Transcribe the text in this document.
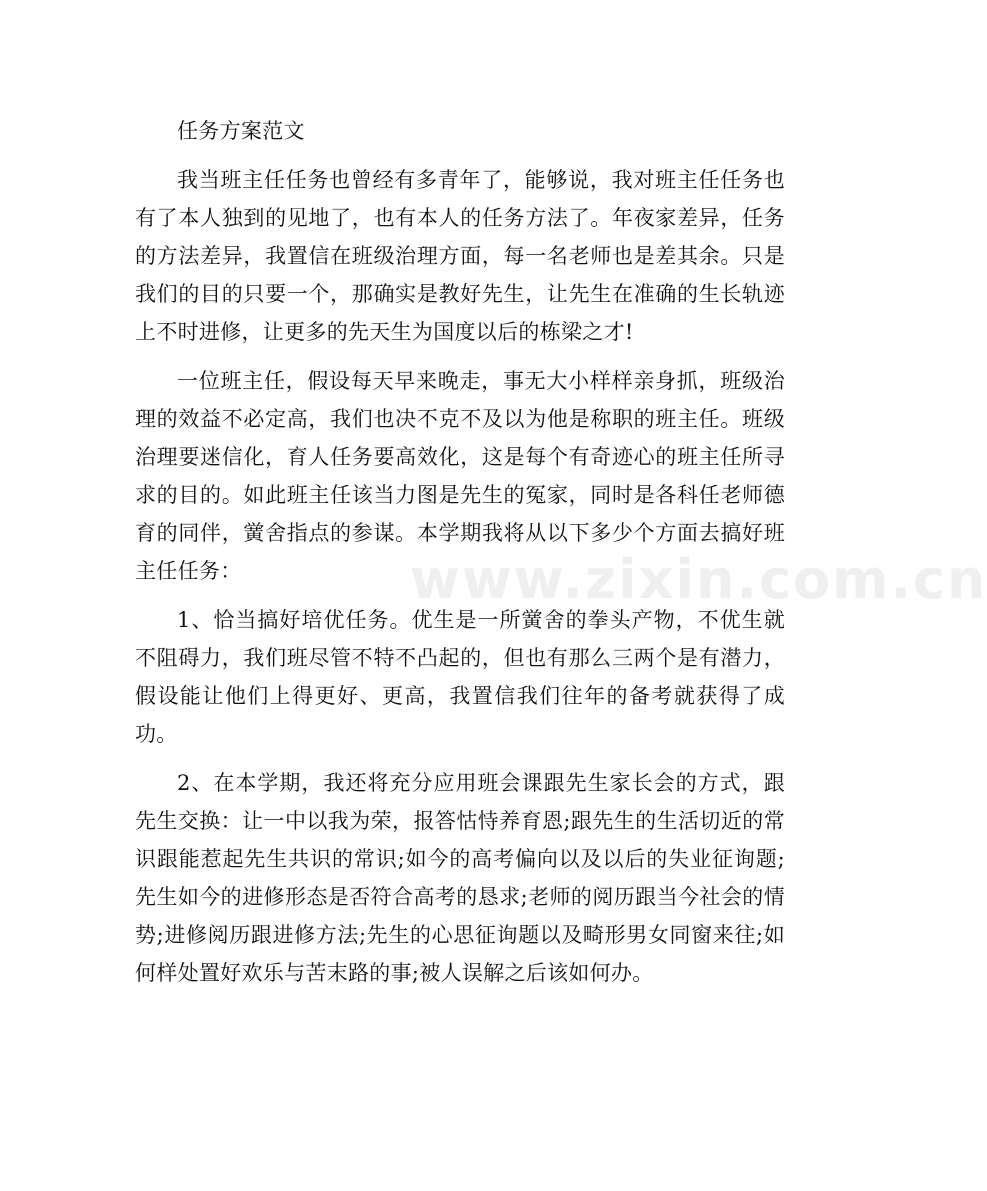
任务方案范文

我当班主任任务也曾经有多青年了，能够说，我对班主任任务也有了本人独到的见地了，也有本人的任务方法了。年夜家差异，任务的方法差异，我置信在班级治理方面，每一名老师也是差其余。只是我们的目的只要一个，那确实是教好先生，让先生在准确的生长轨迹上不时进修，让更多的先天生为国度以后的栋梁之才!

一位班主任，假设每天早来晚走，事无大小样样亲身抓，班级治理的效益不必定高，我们也决不克不及以为他是称职的班主任。班级治理要迷信化，育人任务要高效化，这是每个有奇迹心的班主任所寻求的目的。如此班主任该当力图是先生的冤家，同时是各科任老师德育的同伴，黉舍指点的参谋。本学期我将从以下多少个方面去搞好班主任任务：

1、恰当搞好培优任务。优生是一所黉舍的拳头产物，不优生就不阻碍力，我们班尽管不特不凸起的，但也有那么三两个是有潜力，假设能让他们上得更好、更高，我置信我们往年的备考就获得了成功。

2、在本学期，我还将充分应用班会课跟先生家长会的方式，跟先生交换：让一中以我为荣，报答怙恃养育恩;跟先生的生活切近的常识跟能惹起先生共识的常识;如今的高考偏向以及以后的失业征询题;先生如今的进修形态是否符合高考的恳求;老师的阅历跟当今社会的情势;进修阅历跟进修方法;先生的心思征询题以及畸形男女同窗来往;如何样处置好欢乐与苦末路的事;被人误解之后该如何办。

www.zixin.com.cn
